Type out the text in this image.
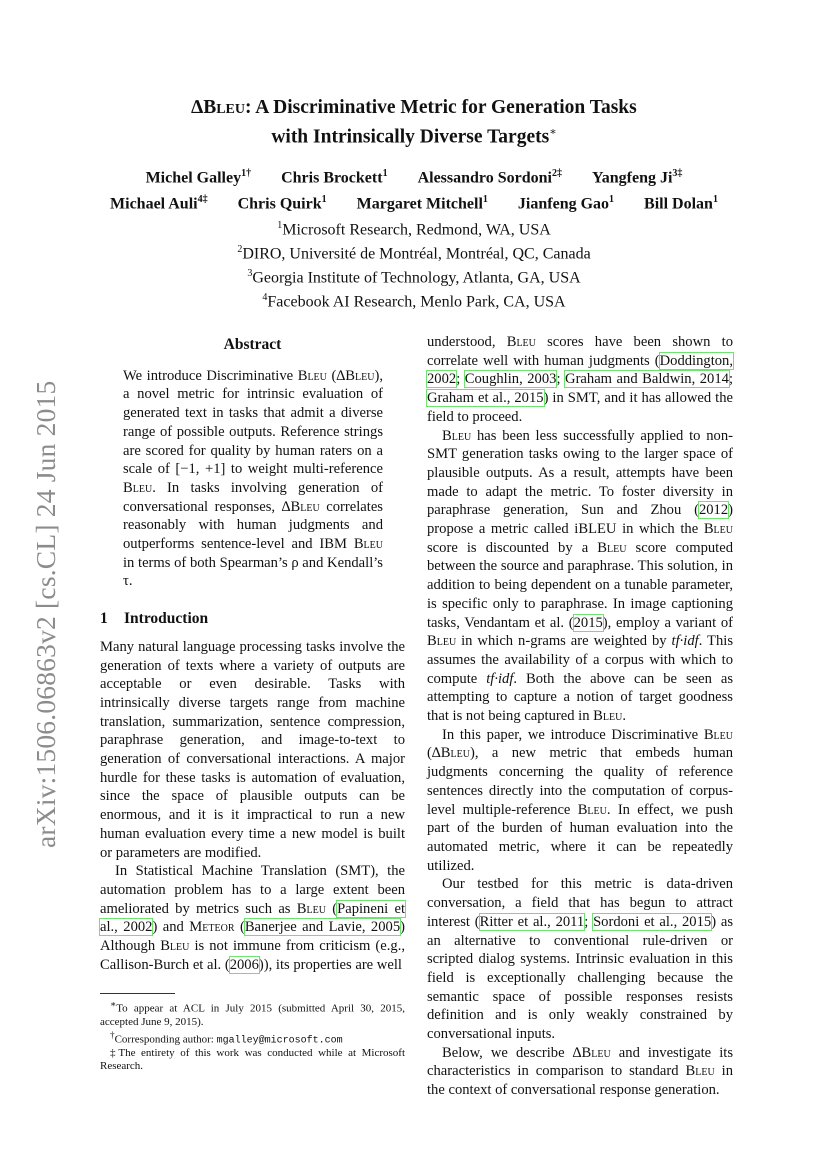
arXiv:1506.06863v2 [cs.CL] 24 Jun 2015

∆Bleu: A Discriminative Metric for Generation Tasks
with Intrinsically Diverse Targets∗

Michel Galley$^{1\dagger}$ Chris Brockett$^1$ Alessandro Sordoni$^{2\ddagger}$ Yangfeng $Ji^{3\ddagger}$
Michael Auli$^{4\ddagger}$ Chris Quirk$^1$ Margaret Mitchell$^1$ Jianfeng Gao$^1$ Bill Dolan$^1$
$^1$Microsoft Research, Redmond, WA, USA
$^2$DIRO, Université de Montréal, Montréal, QC, Canada
$^3$Georgia Institute of Technology, Atlanta, GA, USA
$^4$Facebook AI Research, Menlo Park, CA, USA
Abstract

We introduce Discriminative Bleu (∆Bleu), a novel metric for intrinsic evaluation of generated text in tasks that admit a diverse range of possible outputs. Reference strings are scored for quality by human raters on a scale of [−1, +1] to weight multi-reference Bleu. In tasks involving generation of conversational responses, ∆Bleu correlates reasonably with human judgments and outperforms sentence-level and IBM Bleu in terms of both Spearman’s ρ and Kendall’s τ.

1 Introduction

Many natural language processing tasks involve the generation of texts where a variety of outputs are acceptable or even desirable. Tasks with intrinsically diverse targets range from machine translation, summarization, sentence compression, paraphrase generation, and image-to-text to generation of conversational interactions. A major hurdle for these tasks is automation of evaluation, since the space of plausible outputs can be enormous, and it is it impractical to run a new human evaluation every time a new model is built or parameters are modified.

In Statistical Machine Translation (SMT), the automation problem has to a large extent been ameliorated by metrics such as Bleu (Papineni et al., 2002) and Meteor (Banerjee and Lavie, 2005) Although Bleu is not immune from criticism (e.g., Callison-Burch et al. (2006)), its properties are well

∗To appear at ACL in July 2015 (submitted April 30, 2015, accepted June 9, 2015).

†Corresponding author: mgalley@microsoft.com

‡The entirety of this work was conducted while at Microsoft Research.

understood, Bleu scores have been shown to correlate well with human judgments (Doddington, 2002; Coughlin, 2003; Graham and Baldwin, 2014; Graham et al., 2015) in SMT, and it has allowed the field to proceed.

Bleu has been less successfully applied to non-SMT generation tasks owing to the larger space of plausible outputs. As a result, attempts have been made to adapt the metric. To foster diversity in paraphrase generation, Sun and Zhou (2012) propose a metric called iBLEU in which the Bleu score is discounted by a Bleu score computed between the source and paraphrase. This solution, in addition to being dependent on a tunable parameter, is specific only to paraphrase. In image captioning tasks, Vendantam et al. (2015), employ a variant of Bleu in which n-grams are weighted by tf·idf. This assumes the availability of a corpus with which to compute tf·idf. Both the above can be seen as attempting to capture a notion of target goodness that is not being captured in Bleu.

In this paper, we introduce Discriminative Bleu (∆Bleu), a new metric that embeds human judgments concerning the quality of reference sentences directly into the computation of corpus-level multiple-reference Bleu. In effect, we push part of the burden of human evaluation into the automated metric, where it can be repeatedly utilized.

Our testbed for this metric is data-driven conversation, a field that has begun to attract interest (Ritter et al., 2011; Sordoni et al., 2015) as an alternative to conventional rule-driven or scripted dialog systems. Intrinsic evaluation in this field is exceptionally challenging because the semantic space of possible responses resists definition and is only weakly constrained by conversational inputs.

Below, we describe ∆Bleu and investigate its characteristics in comparison to standard Bleu in the context of conversational response generation.
